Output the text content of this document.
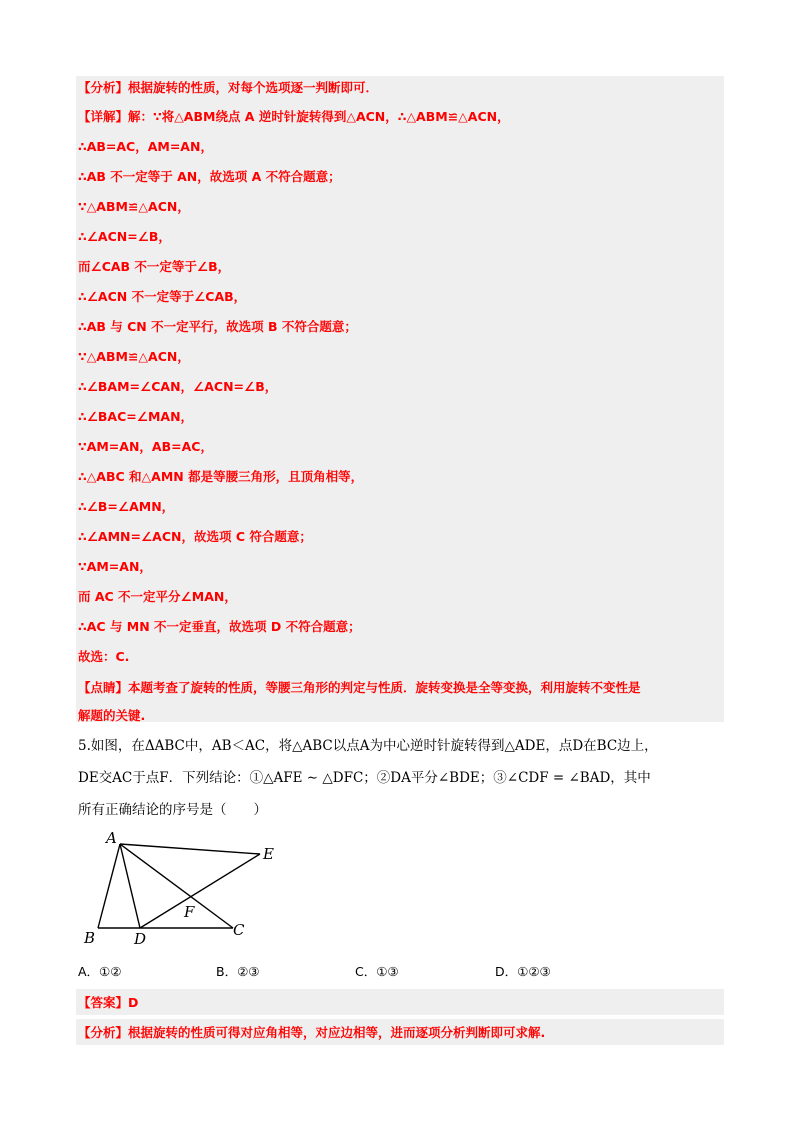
【分析】根据旋转的性质，对每个选项逐一判断即可．
【详解】解：∵将△ABM绕点 A 逆时针旋转得到△ACN，∴△ABM≌△ACN，
∴AB=AC，AM=AN，
∴AB 不一定等于 AN，故选项 A 不符合题意；
∵△ABM≌△ACN，
∴∠ACN=∠B，
而∠CAB 不一定等于∠B，
∴∠ACN 不一定等于∠CAB，
∴AB 与 CN 不一定平行，故选项 B 不符合题意；
∵△ABM≌△ACN，
∴∠BAM=∠CAN，∠ACN=∠B，
∴∠BAC=∠MAN，
∵AM=AN，AB=AC，
∴△ABC 和△AMN 都是等腰三角形，且顶角相等，
∴∠B=∠AMN，
∴∠AMN=∠ACN，故选项 C 符合题意；
∵AM=AN，
而 AC 不一定平分∠MAN，
∴AC 与 MN 不一定垂直，故选项 D 不符合题意；
故选：C.
【点睛】本题考查了旋转的性质，等腰三角形的判定与性质．旋转变换是全等变换，利用旋转不变性是
解题的关键.
5.如图，在ΔABC中，AB＜AC，将△ABC以点A为中心逆时针旋转得到△ADE，点D在BC边上，
DE交AC于点F．下列结论：①△AFE ∼ △DFC；②DA平分∠BDE；③∠CDF = ∠BAD，其中
所有正确结论的序号是（　　）
A
B	C
D
E
F
A．①②	B．②③	C．①③	D．①②③
【答案】D
【分析】根据旋转的性质可得对应角相等，对应边相等，进而逐项分析判断即可求解.
